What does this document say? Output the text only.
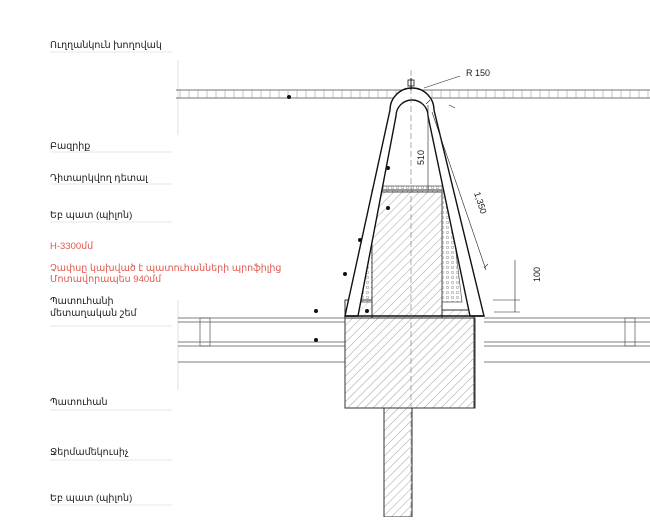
R 150
510
1,350
100
Ուղղանկուն խողովակ
Բազրիք
Դիտարկվող դետալ
Եբ պատ (պիլոն)
H-3300մմ
Չափսը կախված է պատուհանների պրոֆիլից
Մոտավորապես 940մմ
Պատուհանի
մետաղական շեմ
Պատուհան
Ջերմամեկուսիչ
Եբ պատ (պիլոն)
